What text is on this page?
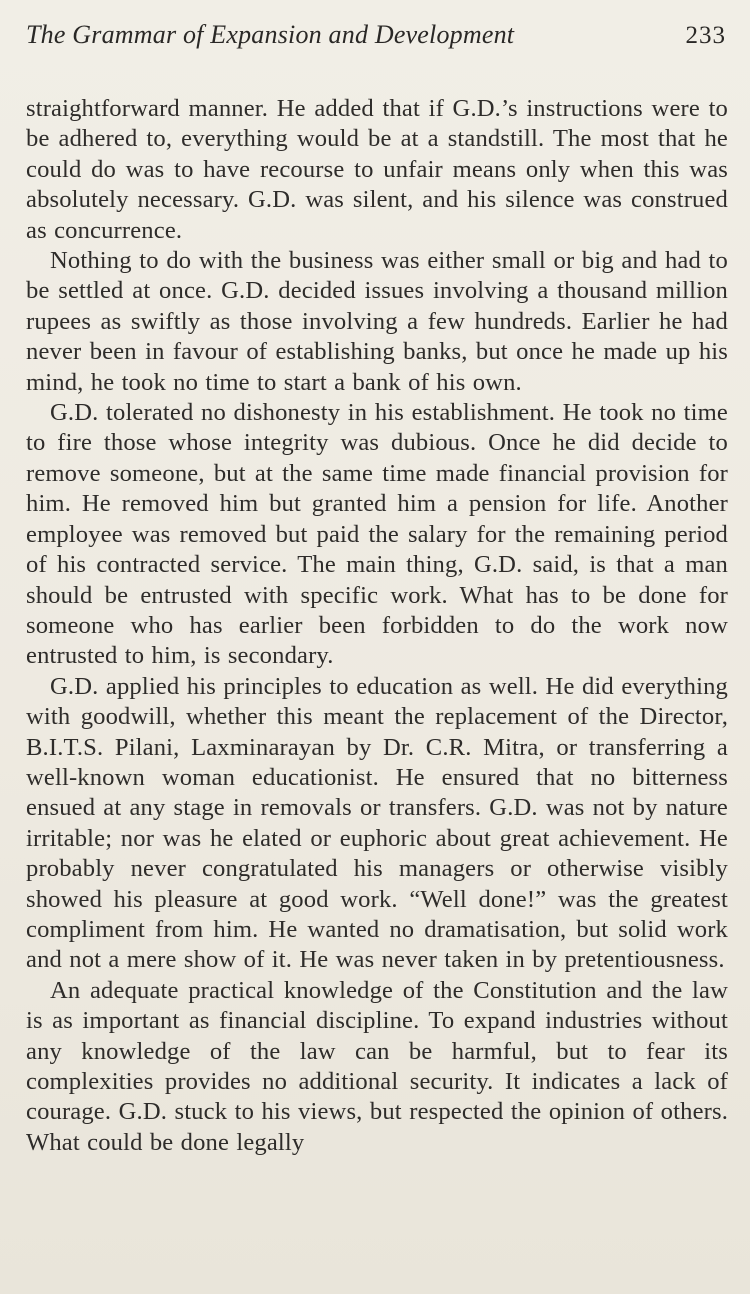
The Grammar of Expansion and Development	233

straightforward manner. He added that if G.D.’s instructions were to be adhered to, everything would be at a standstill. The most that he could do was to have recourse to unfair means only when this was absolutely necessary. G.D. was silent, and his silence was construed as concurrence.

Nothing to do with the business was either small or big and had to be settled at once. G.D. decided issues involving a thousand million rupees as swiftly as those involving a few hundreds. Earlier he had never been in favour of establishing banks, but once he made up his mind, he took no time to start a bank of his own.

G.D. tolerated no dishonesty in his establishment. He took no time to fire those whose integrity was dubious. Once he did decide to remove someone, but at the same time made financial provision for him. He removed him but granted him a pension for life. Another employee was removed but paid the salary for the remaining period of his contracted service. The main thing, G.D. said, is that a man should be entrusted with specific work. What has to be done for someone who has earlier been forbidden to do the work now entrusted to him, is secondary.

G.D. applied his principles to education as well. He did everything with goodwill, whether this meant the replacement of the Director, B.I.T.S. Pilani, Laxminarayan by Dr. C.R. Mitra, or transferring a well-known woman educationist. He ensured that no bitterness ensued at any stage in removals or transfers. G.D. was not by nature irritable; nor was he elated or euphoric about great achievement. He probably never congratulated his managers or otherwise visibly showed his pleasure at good work. “Well done!” was the greatest compliment from him. He wanted no dramatisation, but solid work and not a mere show of it. He was never taken in by pretentiousness.

An adequate practical knowledge of the Constitution and the law is as important as financial discipline. To expand industries without any knowledge of the law can be harmful, but to fear its complexities provides no additional security. It indicates a lack of courage. G.D. stuck to his views, but respected the opinion of others. What could be done legally
